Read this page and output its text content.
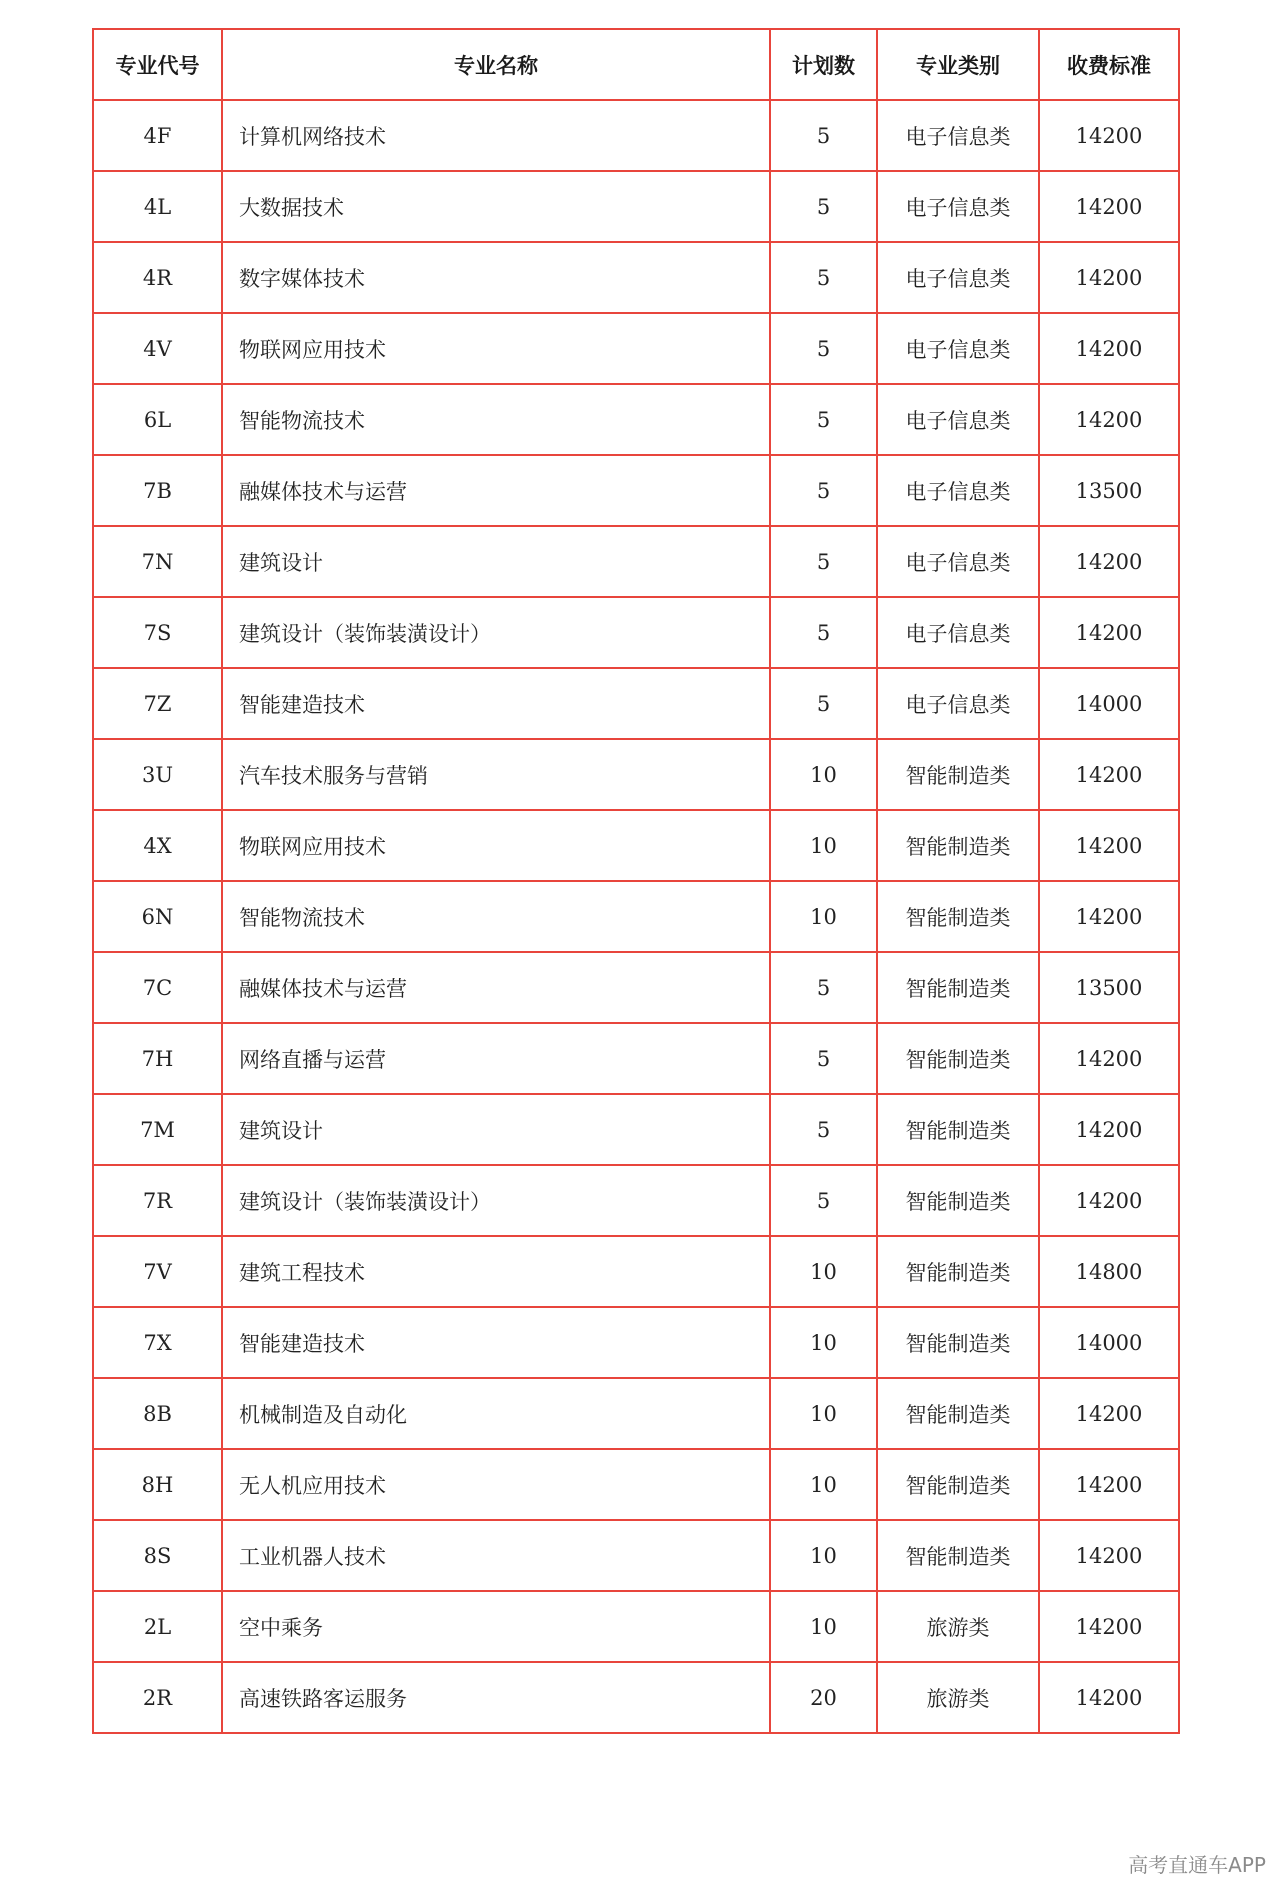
专业代号	专业名称	计划数	专业类别	收费标准
4F	计算机网络技术	5	电子信息类	14200
4L	大数据技术	5	电子信息类	14200
4R	数字媒体技术	5	电子信息类	14200
4V	物联网应用技术	5	电子信息类	14200
6L	智能物流技术	5	电子信息类	14200
7B	融媒体技术与运营	5	电子信息类	13500
7N	建筑设计	5	电子信息类	14200
7S	建筑设计（装饰装潢设计）	5	电子信息类	14200
7Z	智能建造技术	5	电子信息类	14000
3U	汽车技术服务与营销	10	智能制造类	14200
4X	物联网应用技术	10	智能制造类	14200
6N	智能物流技术	10	智能制造类	14200
7C	融媒体技术与运营	5	智能制造类	13500
7H	网络直播与运营	5	智能制造类	14200
7M	建筑设计	5	智能制造类	14200
7R	建筑设计（装饰装潢设计）	5	智能制造类	14200
7V	建筑工程技术	10	智能制造类	14800
7X	智能建造技术	10	智能制造类	14000
8B	机械制造及自动化	10	智能制造类	14200
8H	无人机应用技术	10	智能制造类	14200
8S	工业机器人技术	10	智能制造类	14200
2L	空中乘务	10	旅游类	14200
2R	高速铁路客运服务	20	旅游类	14200
高考直通车APP
